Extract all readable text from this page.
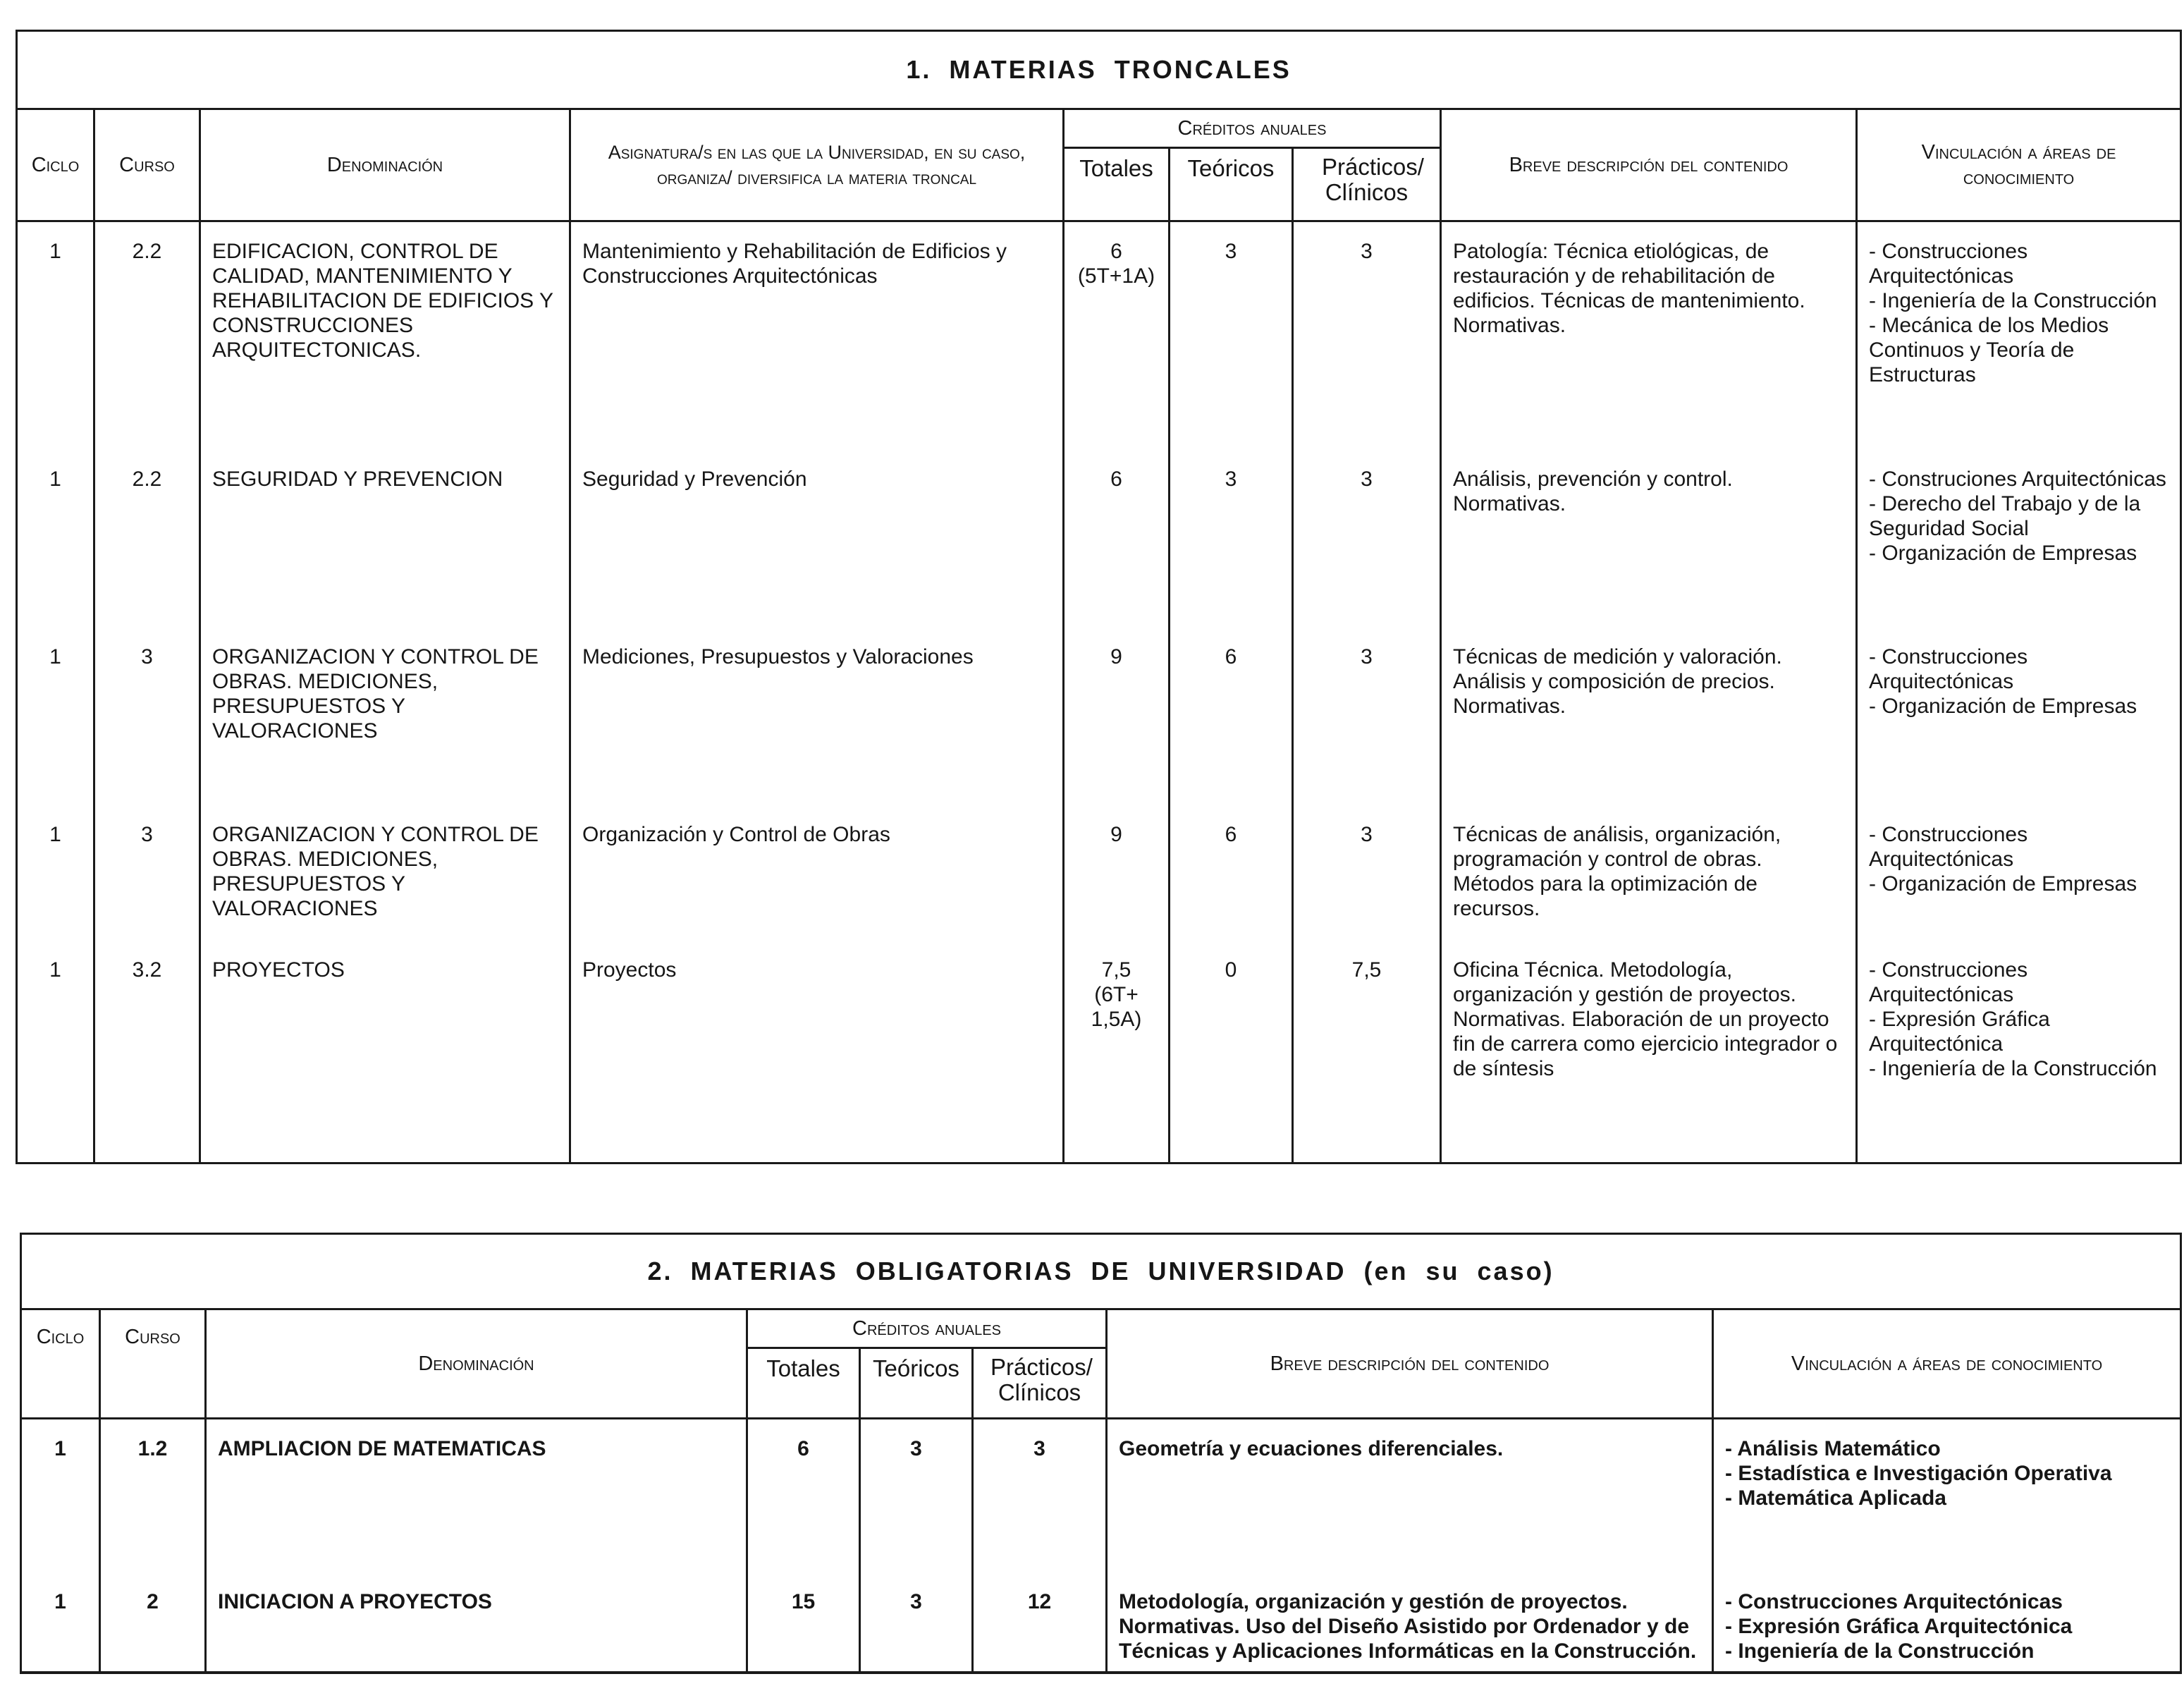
1. MATERIAS TRONCALES								
Ciclo	Curso	Denominación	Asignatura/s en las que la Universidad, en su caso, organiza/ diversifica la materia troncal	Créditos anuales			Breve descripción del contenido	Vinculación a áreas de conocimiento
				Totales	Teóricos	Prácticos/ Clínicos		
1	2.2	EDIFICACION, CONTROL DE CALIDAD, MANTENIMIENTO Y REHABILITACION DE EDIFICIOS Y CONSTRUCCIONES ARQUITECTONICAS.	Mantenimiento y Rehabilitación de Edificios y Construcciones Arquitectónicas	6 (5T+1A)	3	3	Patología: Técnica etiológicas, de restauración y de rehabilitación de edificios. Técnicas de mantenimiento. Normativas.	- Construcciones Arquitectónicas
- Ingeniería de la Construcción
- Mecánica de los Medios Continuos y Teoría de Estructuras

1	2.2	SEGURIDAD Y PREVENCION	Seguridad y Prevención	6	3	3	Análisis, prevención y control. Normativas.	- Construciones Arquitectónicas
- Derecho del Trabajo y de la Seguridad Social
- Organización de Empresas

1	3	ORGANIZACION Y CONTROL DE OBRAS. MEDICIONES, PRESUPUESTOS Y VALORACIONES	Mediciones, Presupuestos y Valoraciones	9	6	3	Técnicas de medición y valoración. Análisis y composición de precios. Normativas.	- Construcciones Arquitectónicas
- Organización de Empresas

1	3	ORGANIZACION Y CONTROL DE OBRAS. MEDICIONES, PRESUPUESTOS Y VALORACIONES	Organización y Control de Obras	9	6	3	Técnicas de análisis, organización, programación y control de obras. Métodos para la optimización de recursos.	- Construcciones Arquitectónicas
- Organización de Empresas

1	3.2	PROYECTOS	Proyectos	7,5 (6T+ 1,5A)	0	7,5	Oficina Técnica. Metodología, organización y gestión de proyectos. Normativas. Elaboración de un proyecto fin de carrera como ejercicio integrador o de síntesis	- Construcciones Arquitectónicas
- Expresión Gráfica Arquitectónica
- Ingeniería de la Construcción
2. MATERIAS OBLIGATORIAS DE UNIVERSIDAD (en su caso)							
Ciclo	Curso	Denominación	Créditos anuales			Breve descripción del contenido	Vinculación a áreas de conocimiento
			Totales	Teóricos	Prácticos/ Clínicos		
1	1.2	AMPLIACION DE MATEMATICAS	6	3	3	Geometría y ecuaciones diferenciales.	- Análisis Matemático
- Estadística e Investigación Operativa
- Matemática Aplicada

1	2	INICIACION A PROYECTOS	15	3	12	Metodología, organización y gestión de proyectos. Normativas. Uso del Diseño Asistido por Ordenador y de Técnicas y Aplicaciones Informáticas en la Construcción.	- Construcciones Arquitectónicas
- Expresión Gráfica Arquitectónica
- Ingeniería de la Construcción
